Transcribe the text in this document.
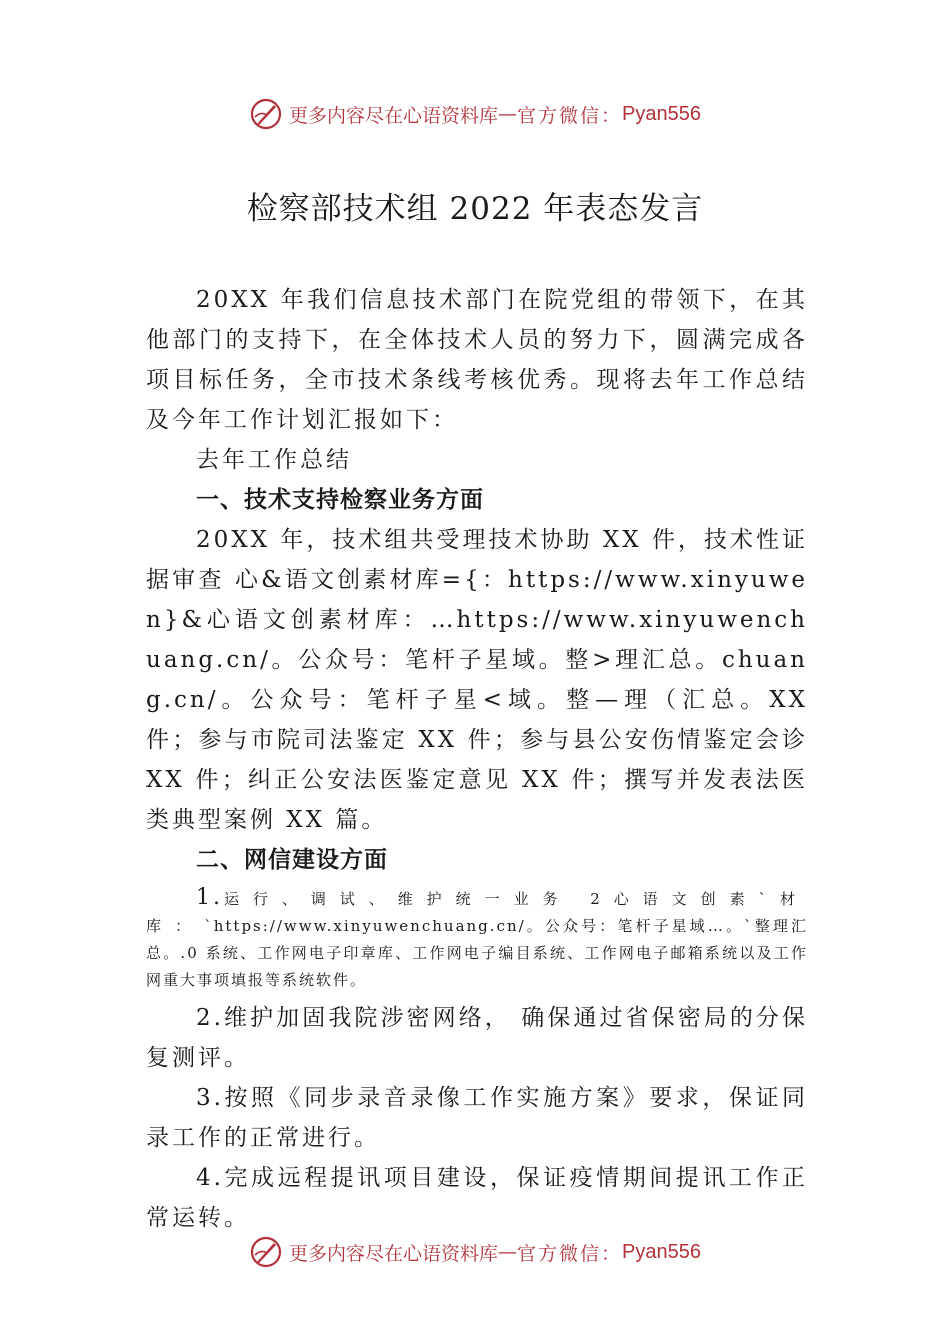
更多内容尽在心语资料库 — 官方微信： Pyan556
检察部技术组 2022 年表态发言

20XX 年我们信息技术部门在院党组的带领下，在其他部门的支持下，在全体技术人员的努力下，圆满完成各项目标任务，全市技术条线考核优秀。现将去年工作总结及今年工作计划汇报如下：

去年工作总结

一、技术支持检察业务方面

20XX 年，技术组共受理技术协助 XX 件，技术性证据审查 心&语文创素材库={：https://www.xinyuwen}&心语文创素材库：…https://www.xinyuwenchuang.cn/。公众号：笔杆子星域。整>理汇总。chuang.cn/。公众号：笔杆子星<域。整—理（汇总。XX 件；参与市院司法鉴定 XX 件；参与县公安伤情鉴定会诊 XX 件；纠正公安法医鉴定意见 XX 件；撰写并发表法医类典型案例 XX 篇。

二、网信建设方面

1.运行、调试、维护统一业务 2心语文创素`材库：`https://www.xinyuwenchuang.cn/。公众号：笔杆子星域…。`整理汇总。.0 系统、工作网电子印章库、工作网电子编目系统、工作网电子邮箱系统以及工作网重大事项填报等系统软件。

2.维护加固我院涉密网络， 确保通过省保密局的分保复测评。

3.按照《同步录音录像工作实施方案》要求，保证同录工作的正常进行。

4.完成远程提讯项目建设，保证疫情期间提讯工作正常运转。

更多内容尽在心语资料库 — 官方微信： Pyan556
